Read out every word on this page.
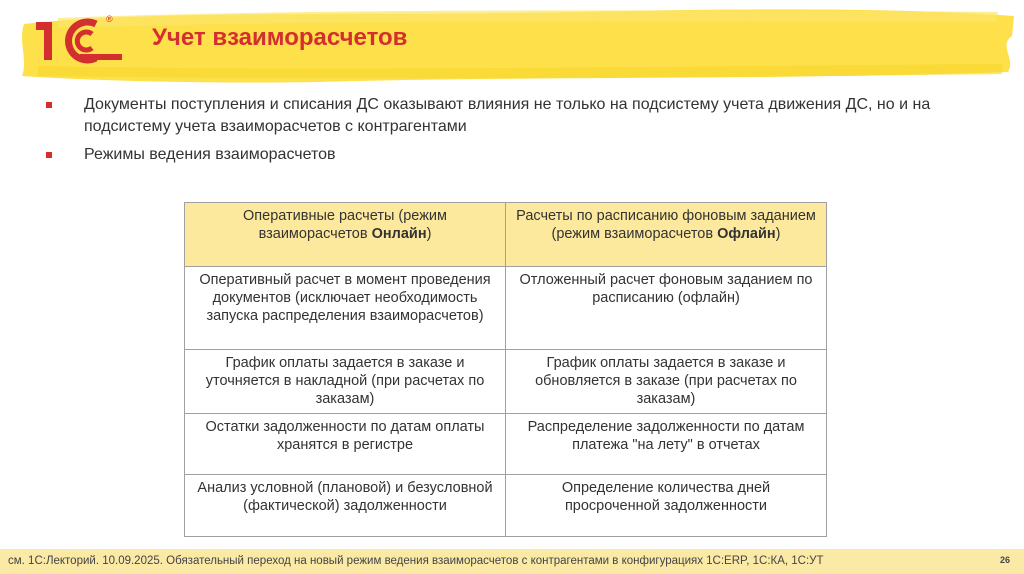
®
Учет взаиморасчетов
Документы поступления и списания ДС оказывают влияния не только на подсистему учета движения ДС, но и на подсистему учета взаиморасчетов с контрагентами
Режимы ведения взаиморасчетов
Оперативные расчеты (режим взаиморасчетов Онлайн)	Расчеты по расписанию фоновым заданием (режим взаиморасчетов Офлайн)
Оперативный расчет в момент проведения документов (исключает необходимость запуска распределения взаиморасчетов)	Отложенный расчет фоновым заданием по расписанию (офлайн)
График оплаты задается в заказе и уточняется в накладной (при расчетах по заказам)	График оплаты задается в заказе и обновляется в заказе (при расчетах по заказам)
Остатки задолженности по датам оплаты хранятся в регистре	Распределение задолженности по датам платежа "на лету" в отчетах
Анализ условной (плановой) и безусловной (фактической) задолженности	Определение количества дней просроченной задолженности
см. 1С:Лекторий. 10.09.2025. Обязательный переход на новый режим ведения взаиморасчетов с контрагентами в конфигурациях 1С:ERP, 1С:КА, 1С:УТ	26
